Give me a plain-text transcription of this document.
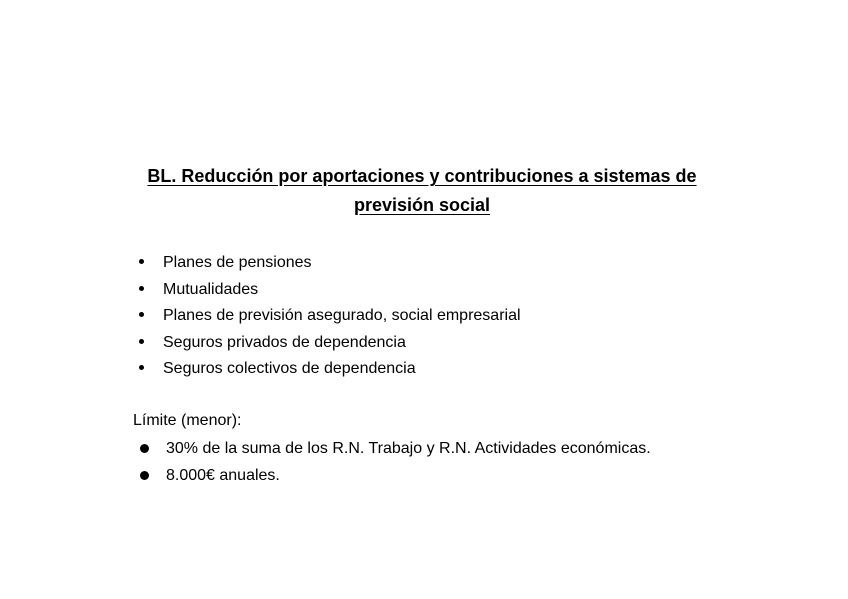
BL. Reducción por aportaciones y contribuciones a sistemas de
previsión social
Planes de pensiones
Mutualidades
Planes de previsión asegurado, social empresarial
Seguros privados de dependencia
Seguros colectivos de dependencia

Límite (menor):

30% de la suma de los R.N. Trabajo y R.N. Actividades económicas.
8.000€ anuales.
